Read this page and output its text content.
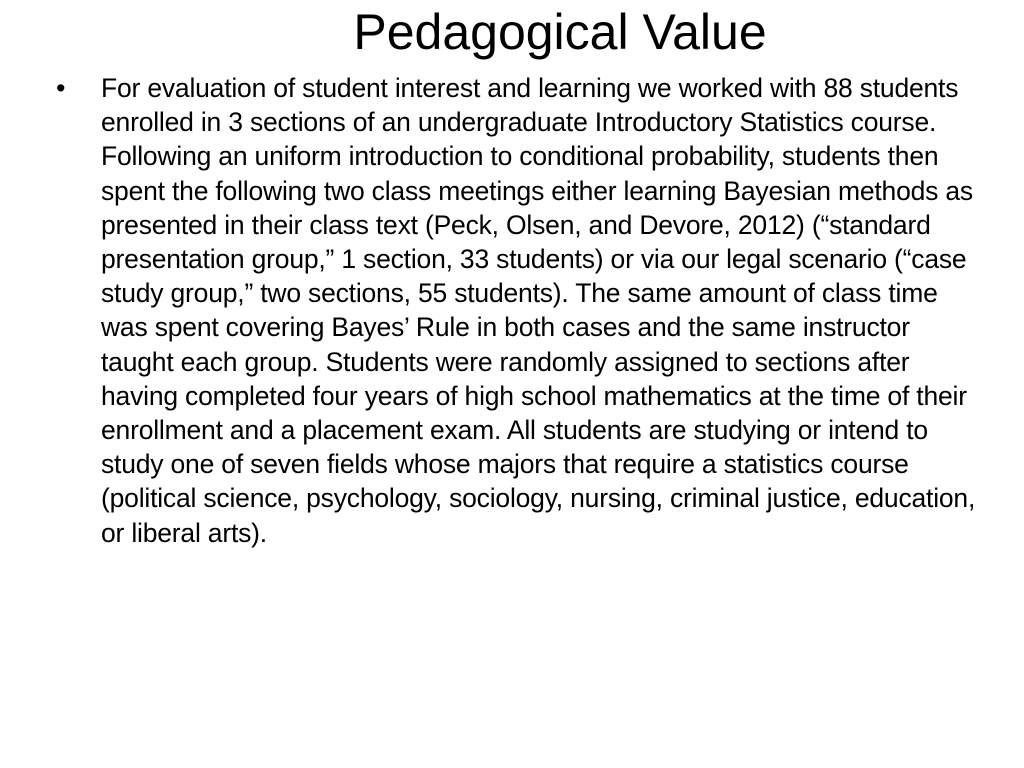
Pedagogical Value
• For evaluation of student interest and learning we worked with 88 students enrolled in 3 sections of an undergraduate Introductory Statistics course. Following an uniform introduction to conditional probability, students then spent the following two class meetings either learning Bayesian methods as presented in their class text (Peck, Olsen, and Devore, 2012) (“standard presentation group,” 1 section, 33 students) or via our legal scenario (“case study group,” two sections, 55 students). The same amount of class time was spent covering Bayes’ Rule in both cases and the same instructor taught each group. Students were randomly assigned to sections after having completed four years of high school mathematics at the time of their enrollment and a placement exam. All students are studying or intend to study one of seven fields whose majors that require a statistics course (political science, psychology, sociology, nursing, criminal justice, education, or liberal arts).
